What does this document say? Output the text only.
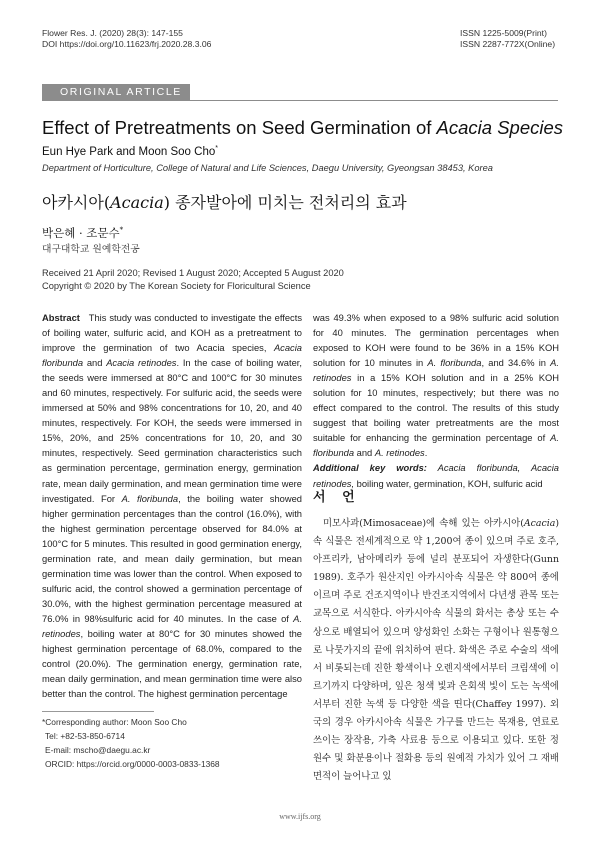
Flower Res. J. (2020) 28(3): 147-155
DOI https://doi.org/10.11623/frj.2020.28.3.06
ISSN 1225-5009(Print)
ISSN 2287-772X(Online)
ORIGINAL ARTICLE
Effect of Pretreatments on Seed Germination of Acacia Species
Eun Hye Park and Moon Soo Cho*
Department of Horticulture, College of Natural and Life Sciences, Daegu University, Gyeongsan 38453, Korea
아카시아(Acacia) 종자발아에 미치는 전처리의 효과
박은혜 · 조문수*
대구대학교 원예학전공
Received 21 April 2020; Revised 1 August 2020; Accepted 5 August 2020
Copyright © 2020 by The Korean Society for Floricultural Science
Abstract This study was conducted to investigate the effects of boiling water, sulfuric acid, and KOH as a pretreatment to improve the germination of two Acacia species, Acacia floribunda and Acacia retinodes. In the case of boiling water, the seeds were immersed at 80°C and 100°C for 30 minutes and 60 minutes, respectively. For sulfuric acid, the seeds were immersed at 50% and 98% concentrations for 10, 20, and 40 minutes, respectively. For KOH, the seeds were immersed in 15%, 20%, and 25% concentrations for 10, 20, and 30 minutes, respectively. Seed germination characteristics such as germination percentage, germination energy, germination rate, mean daily germination, and mean germination time were investigated. For A. floribunda, the boiling water showed higher germination percentages than the control (16.0%), with the highest germination percentage observed for 84.0% at 100°C for 5 minutes. This resulted in good germination energy, germination rate, and mean daily germination, but mean germination time was lower than the control. When exposed to sulfuric acid, the control showed a germination percentage of 30.0%, with the highest germination percentage measured at 76.0% in 98%sulfuric acid for 40 minutes. In the case of A. retinodes, boiling water at 80°C for 30 minutes showed the highest germination percentage of 68.0%, compared to the control (20.0%). The germination energy, germination rate, mean daily germination, and mean germination time were also better than the control. The highest germination percentage
was 49.3% when exposed to a 98% sulfuric acid solution for 40 minutes. The germination percentages when exposed to KOH were found to be 36% in a 15% KOH solution for 10 minutes in A. floribunda, and 34.6% in A. retinodes in a 15% KOH solution and in a 25% KOH solution for 10 minutes, respectively; but there was no effect compared to the control. The results of this study suggest that boiling water pretreatments are the most suitable for enhancing the germination percentage of A. floribunda and A. retinodes.
Additional key words: Acacia floribunda, Acacia retinodes, boiling water, germination, KOH, sulfuric acid
서 언

미모사과(Mimosaceae)에 속해 있는 아카시아(Acacia)속 식물은 전세계적으로 약 1,200여 종이 있으며 주로 호주, 아프리카, 남아메리카 등에 널리 분포되어 자생한다(Gunn 1989). 호주가 원산지인 아카시아속 식물은 약 800여 종에 이르며 주로 건조지역이나 반건조지역에서 다년생 관목 또는 교목으로 서식한다. 아카시아속 식물의 화서는 총상 또는 수상으로 배열되어 있으며 양성화인 소화는 구형이나 원통형으로 나뭇가지의 끝에 위치하여 핀다. 화색은 주로 수술의 색에서 비롯되는데 진한 황색이나 오렌지색에서부터 크림색에 이르기까지 다양하며, 잎은 청색 빛과 은회색 빛이 도는 녹색에서부터 진한 녹색 등 다양한 색을 띤다(Chaffey 1997). 외국의 경우 아카시아속 식물은 가구를 만드는 목재용, 연료로 쓰이는 장작용, 가축 사료용 등으로 이용되고 있다. 또한 정원수 및 화분용이나 절화용 등의 원예적 가치가 있어 그 재배면적이 늘어나고 있

*Corresponding author: Moon Soo Cho
Tel: +82-53-850-6714
E-mail: mscho@daegu.ac.kr
ORCID: https://orcid.org/0000-0003-0833-1368
www.ijfs.org
